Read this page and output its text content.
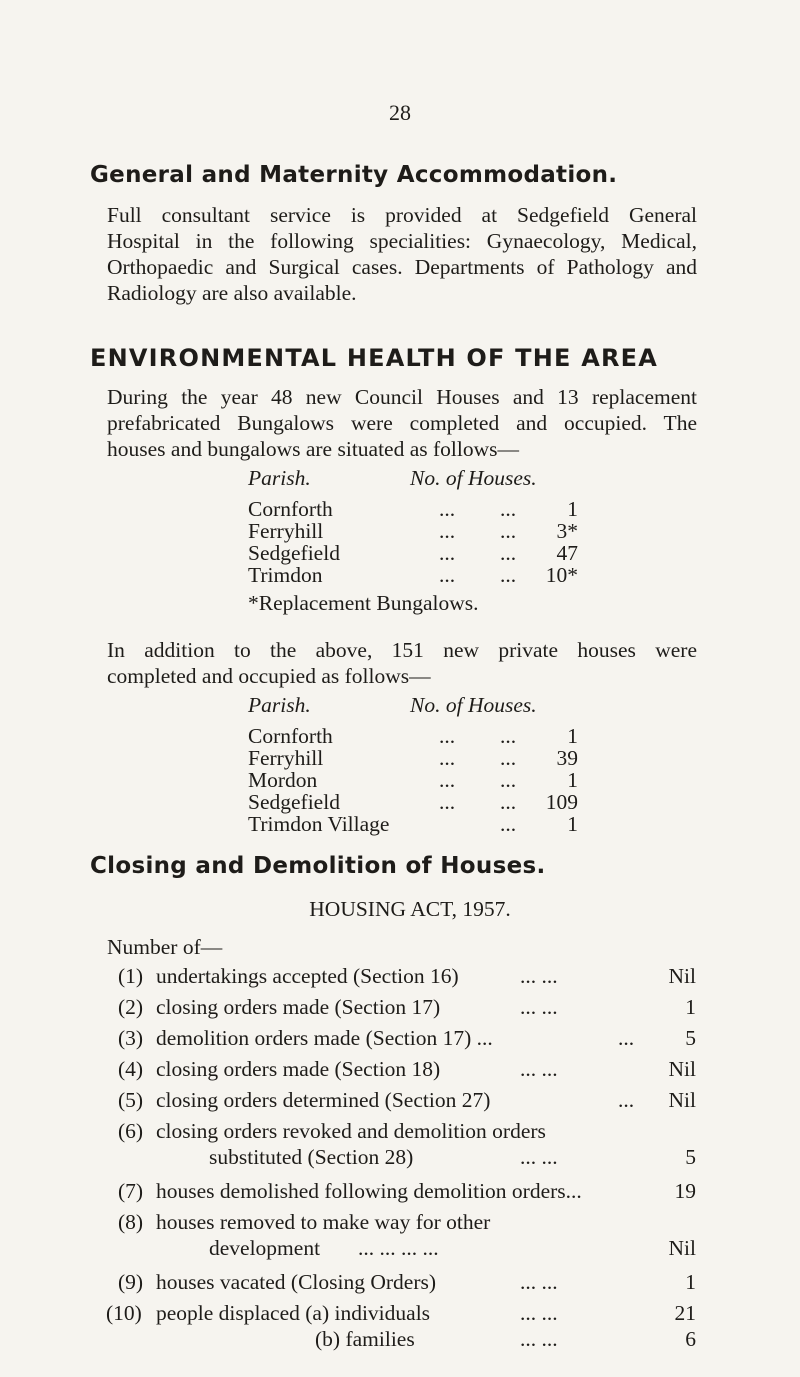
28
General and Maternity Accommodation.
Full consultant service is provided at Sedgefield General
Hospital in the following specialities: Gynaecology, Medical,
Orthopaedic and Surgical cases. Departments of Pathology and
Radiology are also available.
ENVIRONMENTAL HEALTH OF THE AREA
During the year 48 new Council Houses and 13 replacement
prefabricated Bungalows were completed and occupied. The
houses and bungalows are situated as follows—
Parish.	No. of Houses.
Cornforth	... ...	1
Ferryhill	... ...	3*
Sedgefield	... ...	47
Trimdon	... ...	10*
*Replacement Bungalows.
In addition to the above, 151 new private houses were
completed and occupied as follows—
Parish.	No. of Houses.
Cornforth	... ...	1
Ferryhill	... ...	39
Mordon	... ...	1
Sedgefield	... ...	109
Trimdon Village	...	1
Closing and Demolition of Houses.
HOUSING ACT, 1957.
Number of—
(1) undertakings accepted (Section 16)	... ...	Nil
(2) closing orders made (Section 17)	... ...	1
(3) demolition orders made (Section 17) ...	... 5
(4) closing orders made (Section 18)	... ...	Nil
(5) closing orders determined (Section 27)	... Nil
(6) closing orders revoked and demolition orders
substituted (Section 28)	... ...	5
(7) houses demolished following demolition orders...	19
(8) houses removed to make way for other
development ... ... ... ...	Nil
(9) houses vacated (Closing Orders)	... ...	1
(10) people displaced (a) individuals	... ...	21
(b) families	... ...	6
